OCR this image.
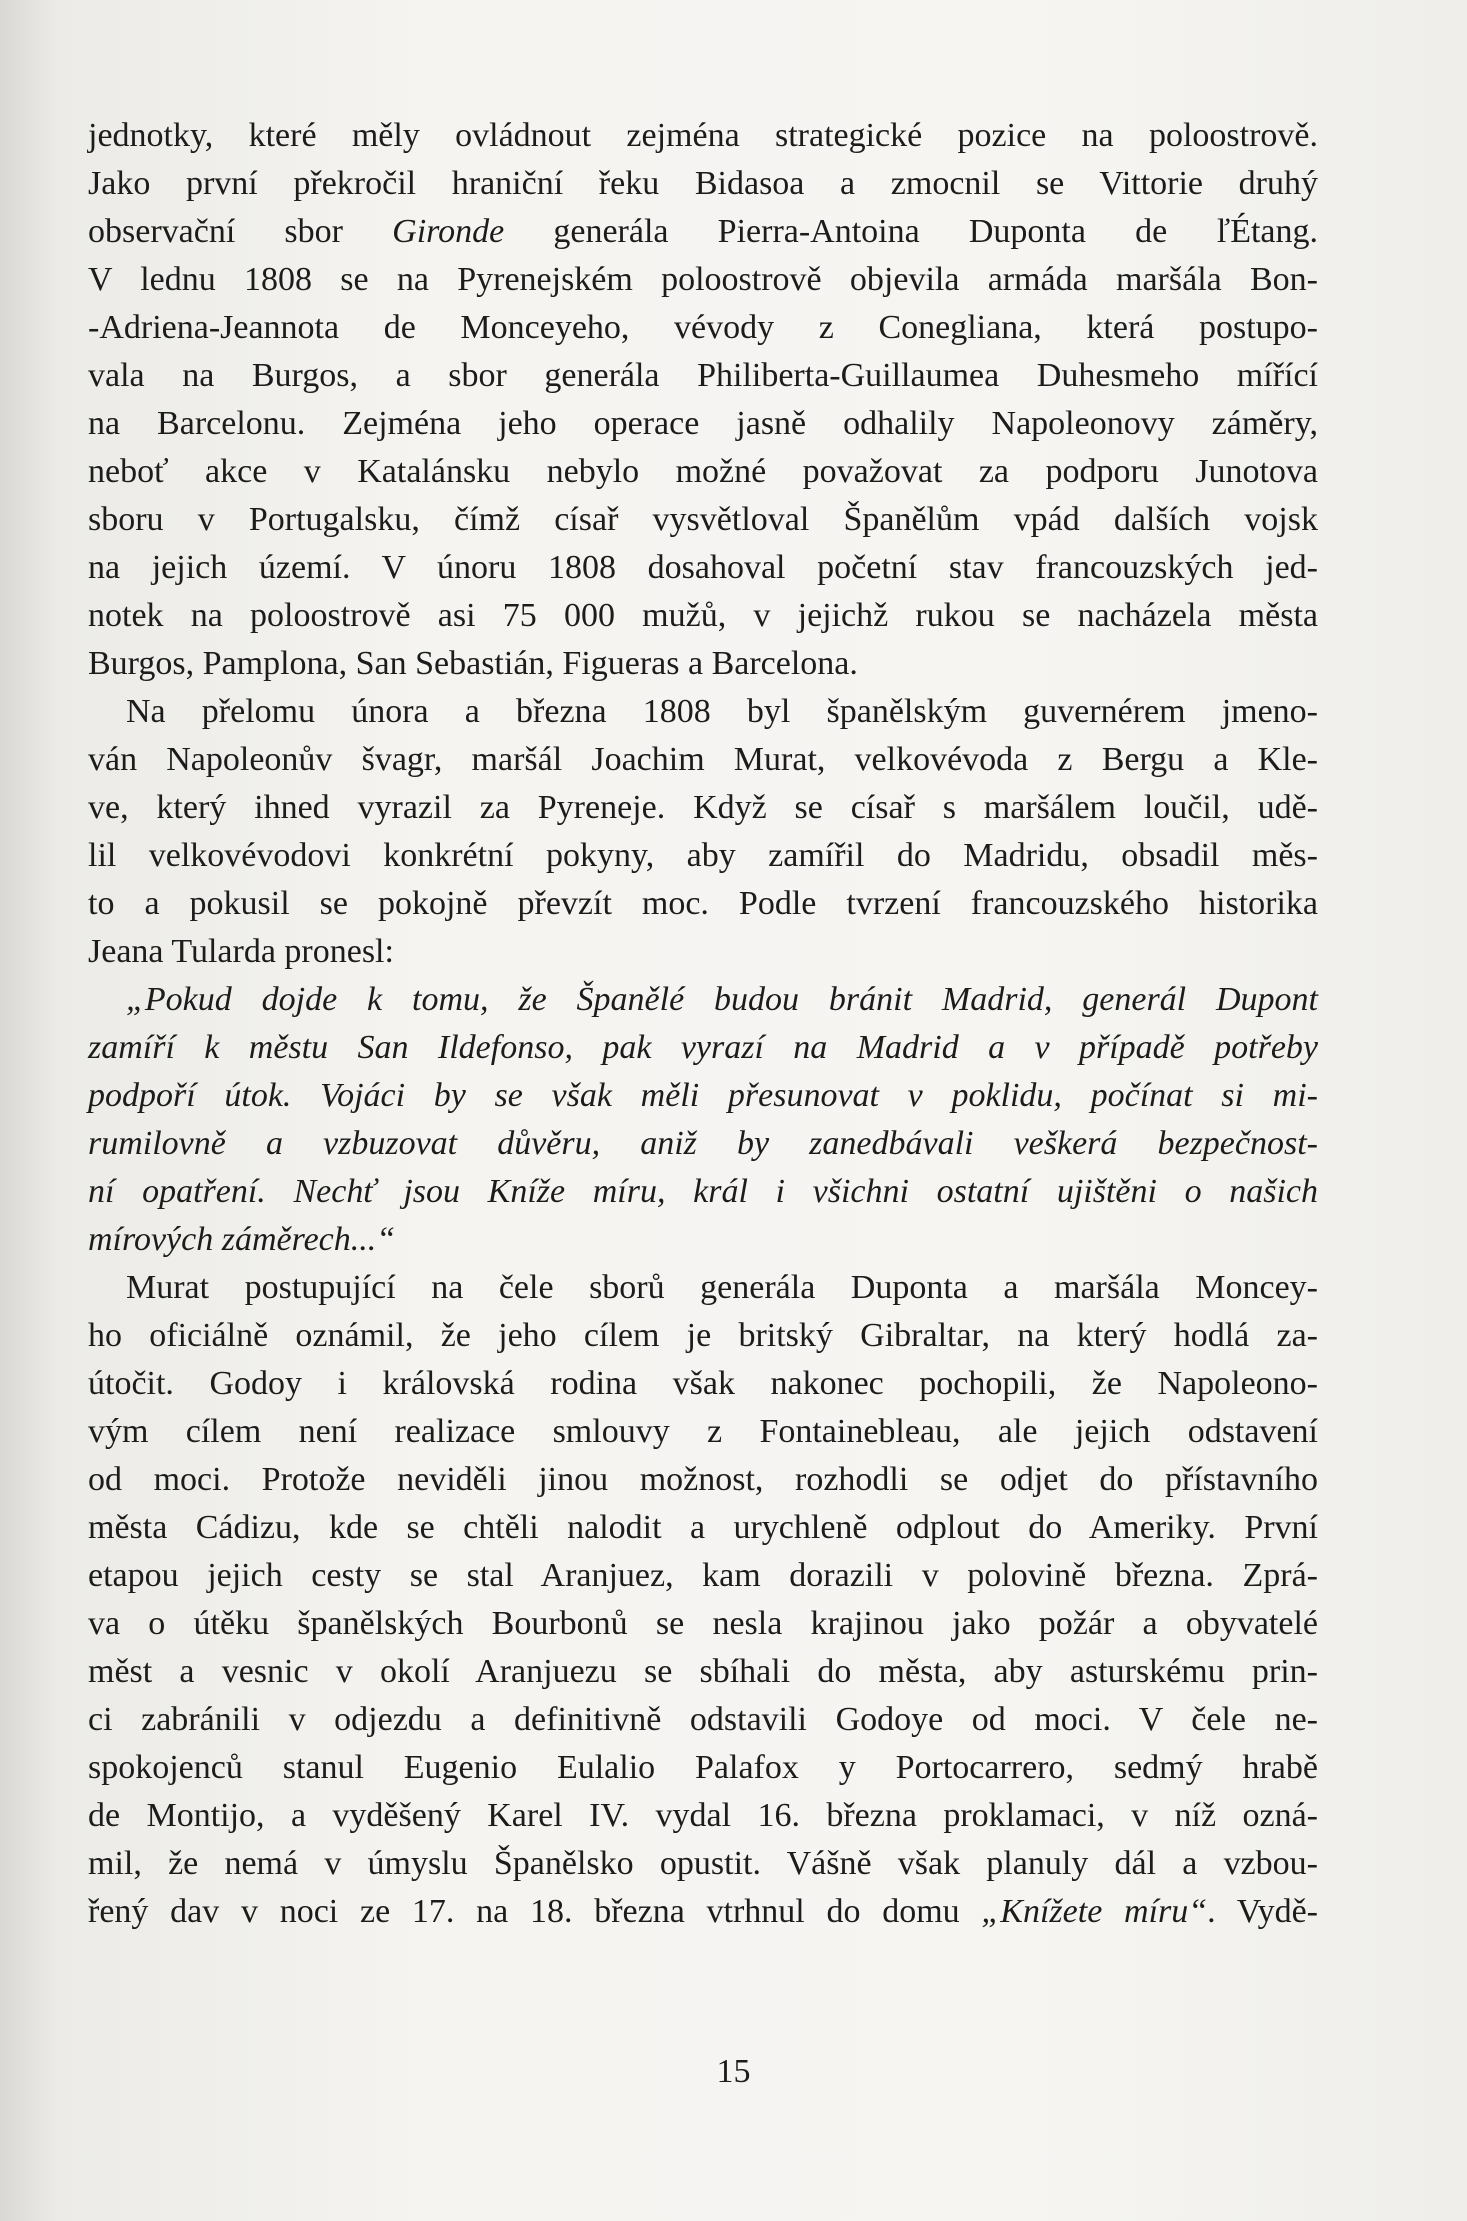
jednotky, které měly ovládnout zejména strategické pozice na poloostrově.
Jako první překročil hraniční řeku Bidasoa a zmocnil se Vittorie druhý
observační sbor Gironde generála Pierra-Antoina Duponta de ľÉtang.
V lednu 1808 se na Pyrenejském poloostrově objevila armáda maršála Bon-
-Adriena-Jeannota de Monceyeho, vévody z Conegliana, která postupo-
vala na Burgos, a sbor generála Philiberta-Guillaumea Duhesmeho mířící
na Barcelonu. Zejména jeho operace jasně odhalily Napoleonovy záměry,
neboť akce v Katalánsku nebylo možné považovat za podporu Junotova
sboru v Portugalsku, čímž císař vysvětloval Španělům vpád dalších vojsk
na jejich území. V únoru 1808 dosahoval početní stav francouzských jed-
notek na poloostrově asi 75 000 mužů, v jejichž rukou se nacházela města
Burgos, Pamplona, San Sebastián, Figueras a Barcelona.
Na přelomu února a března 1808 byl španělským guvernérem jmeno-
ván Napoleonův švagr, maršál Joachim Murat, velkovévoda z Bergu a Kle-
ve, který ihned vyrazil za Pyreneje. Když se císař s maršálem loučil, udě-
lil velkovévodovi konkrétní pokyny, aby zamířil do Madridu, obsadil měs-
to a pokusil se pokojně převzít moc. Podle tvrzení francouzského historika
Jeana Tularda pronesl:
„Pokud dojde k tomu, že Španělé budou bránit Madrid, generál Dupont
zamíří k městu San Ildefonso, pak vyrazí na Madrid a v případě potřeby
podpoří útok. Vojáci by se však měli přesunovat v poklidu, počínat si mi-
rumilovně a vzbuzovat důvěru, aniž by zanedbávali veškerá bezpečnost-
ní opatření. Nechť jsou Kníže míru, král i všichni ostatní ujištěni o našich
mírových záměrech...“
Murat postupující na čele sborů generála Duponta a maršála Moncey-
ho oficiálně oznámil, že jeho cílem je britský Gibraltar, na který hodlá za-
útočit. Godoy i královská rodina však nakonec pochopili, že Napoleono-
vým cílem není realizace smlouvy z Fontainebleau, ale jejich odstavení
od moci. Protože neviděli jinou možnost, rozhodli se odjet do přístavního
města Cádizu, kde se chtěli nalodit a urychleně odplout do Ameriky. První
etapou jejich cesty se stal Aranjuez, kam dorazili v polovině března. Zprá-
va o útěku španělských Bourbonů se nesla krajinou jako požár a obyvatelé
měst a vesnic v okolí Aranjuezu se sbíhali do města, aby asturskému prin-
ci zabránili v odjezdu a definitivně odstavili Godoye od moci. V čele ne-
spokojenců stanul Eugenio Eulalio Palafox y Portocarrero, sedmý hrabě
de Montijo, a vyděšený Karel IV. vydal 16. března proklamaci, v níž ozná-
mil, že nemá v úmyslu Španělsko opustit. Vášně však planuly dál a vzbou-
řený dav v noci ze 17. na 18. března vtrhnul do domu „Knížete míru“. Vydě-
15
